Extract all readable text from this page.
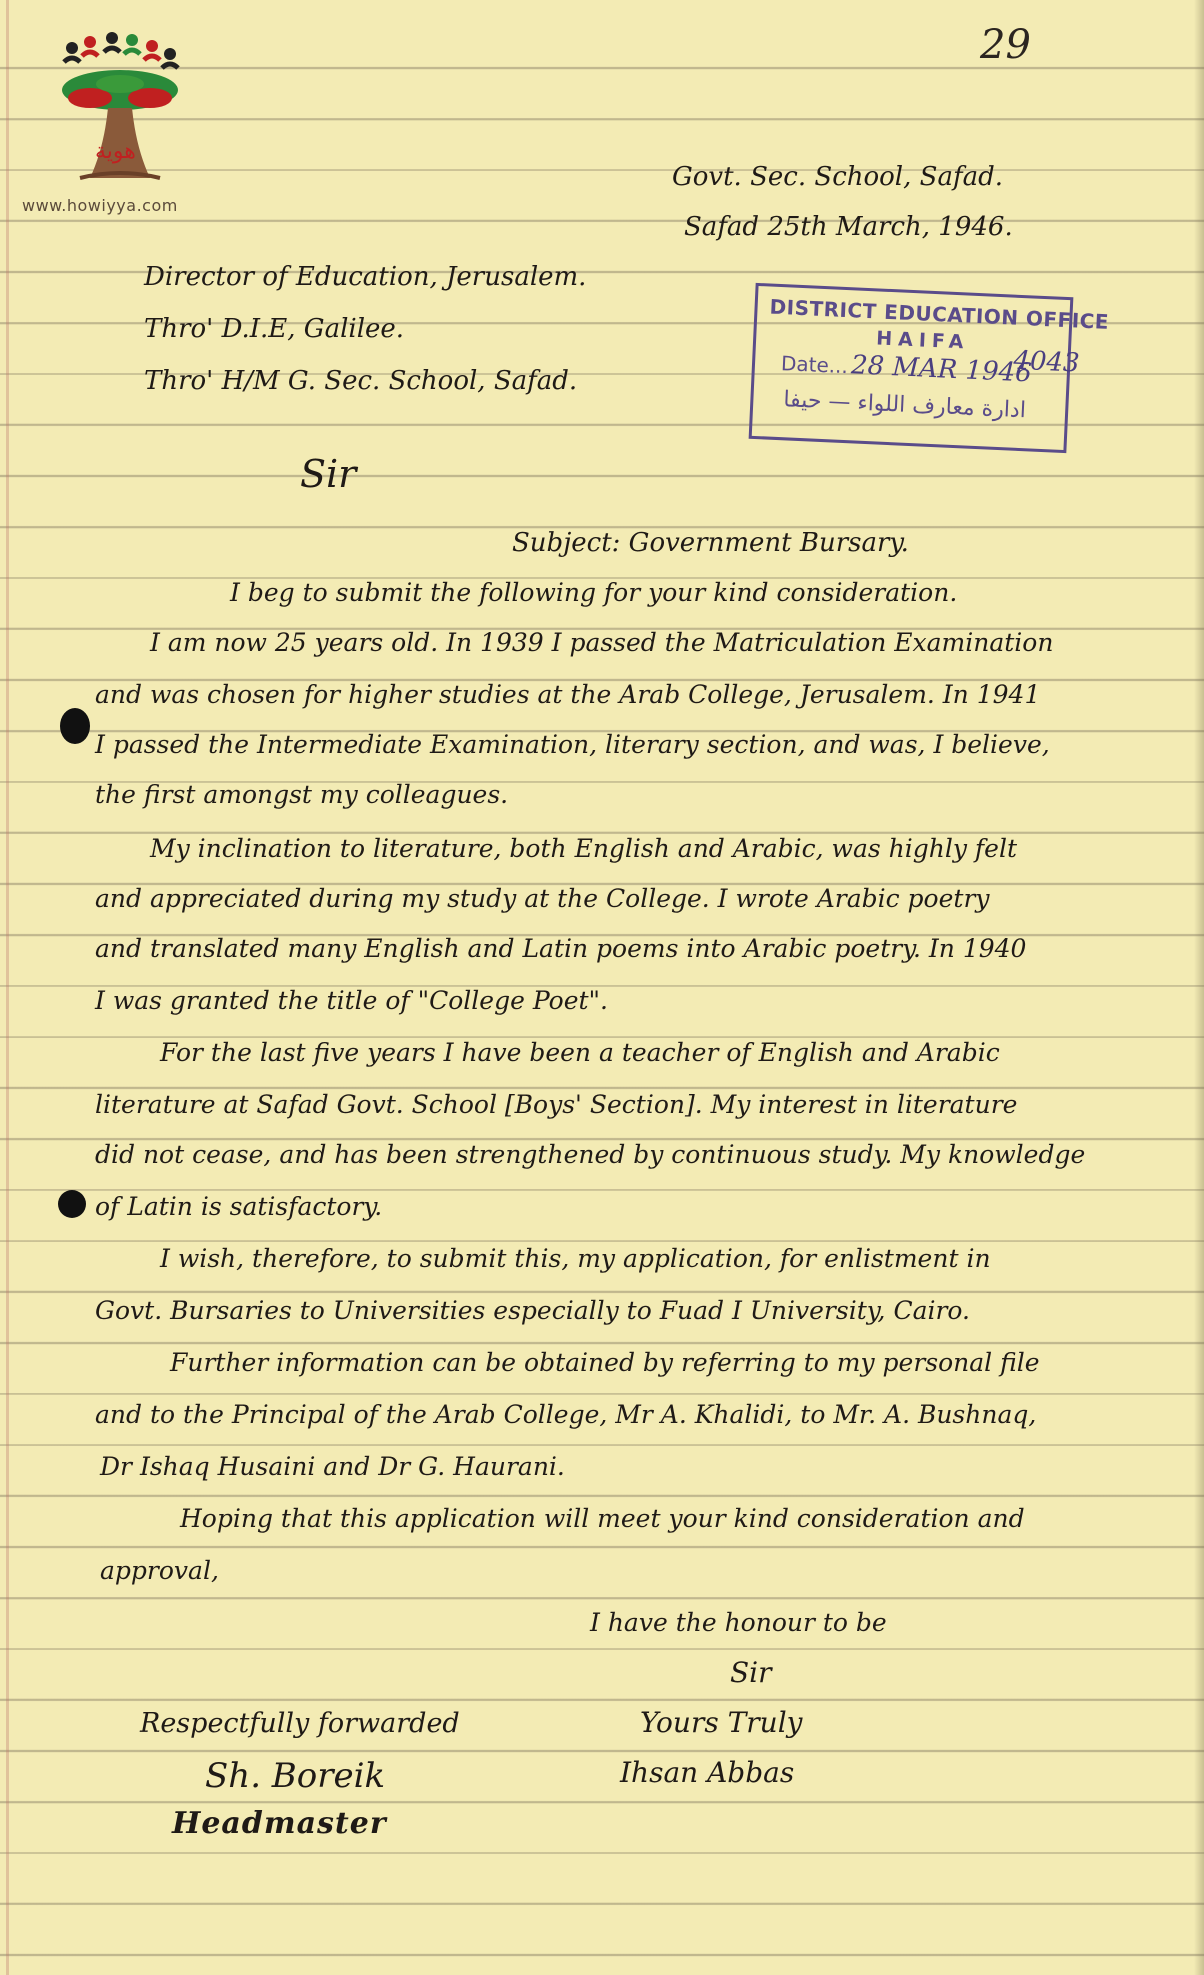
هوية
www.howiyya.com
29
Govt. Sec. School, Safad.
Safad 25th March, 1946.
Director of Education, Jerusalem.
Thro' D.I.E, Galilee.
Thro' H/M G. Sec. School, Safad.
DISTRICT EDUCATION OFFICE
HAIFA
Date... 28 MAR 1946
4043
ادارة معارف اللواء — حيفا
Sir
Subject: Government Bursary.
I beg to submit the following for your kind consideration.
I am now 25 years old. In 1939 I passed the Matriculation Examination
and was chosen for higher studies at the Arab College, Jerusalem. In 1941
I passed the Intermediate Examination, literary section, and was, I believe,
the first amongst my colleagues.
My inclination to literature, both English and Arabic, was highly felt
and appreciated during my study at the College. I wrote Arabic poetry
and translated many English and Latin poems into Arabic poetry. In 1940
I was granted the title of "College Poet".
For the last five years I have been a teacher of English and Arabic
literature at Safad Govt. School [Boys' Section]. My interest in literature
did not cease, and has been strengthened by continuous study. My knowledge
of Latin is satisfactory.
I wish, therefore, to submit this, my application, for enlistment in
Govt. Bursaries to Universities especially to Fuad I University, Cairo.
Further information can be obtained by referring to my personal file
and to the Principal of the Arab College, Mr A. Khalidi, to Mr. A. Bushnaq,
Dr Ishaq Husaini and Dr G. Haurani.
Hoping that this application will meet your kind consideration and
approval,
I have the honour to be
Sir
Yours Truly
Ihsan Abbas
Respectfully forwarded
Sh. Boreik
Headmaster
